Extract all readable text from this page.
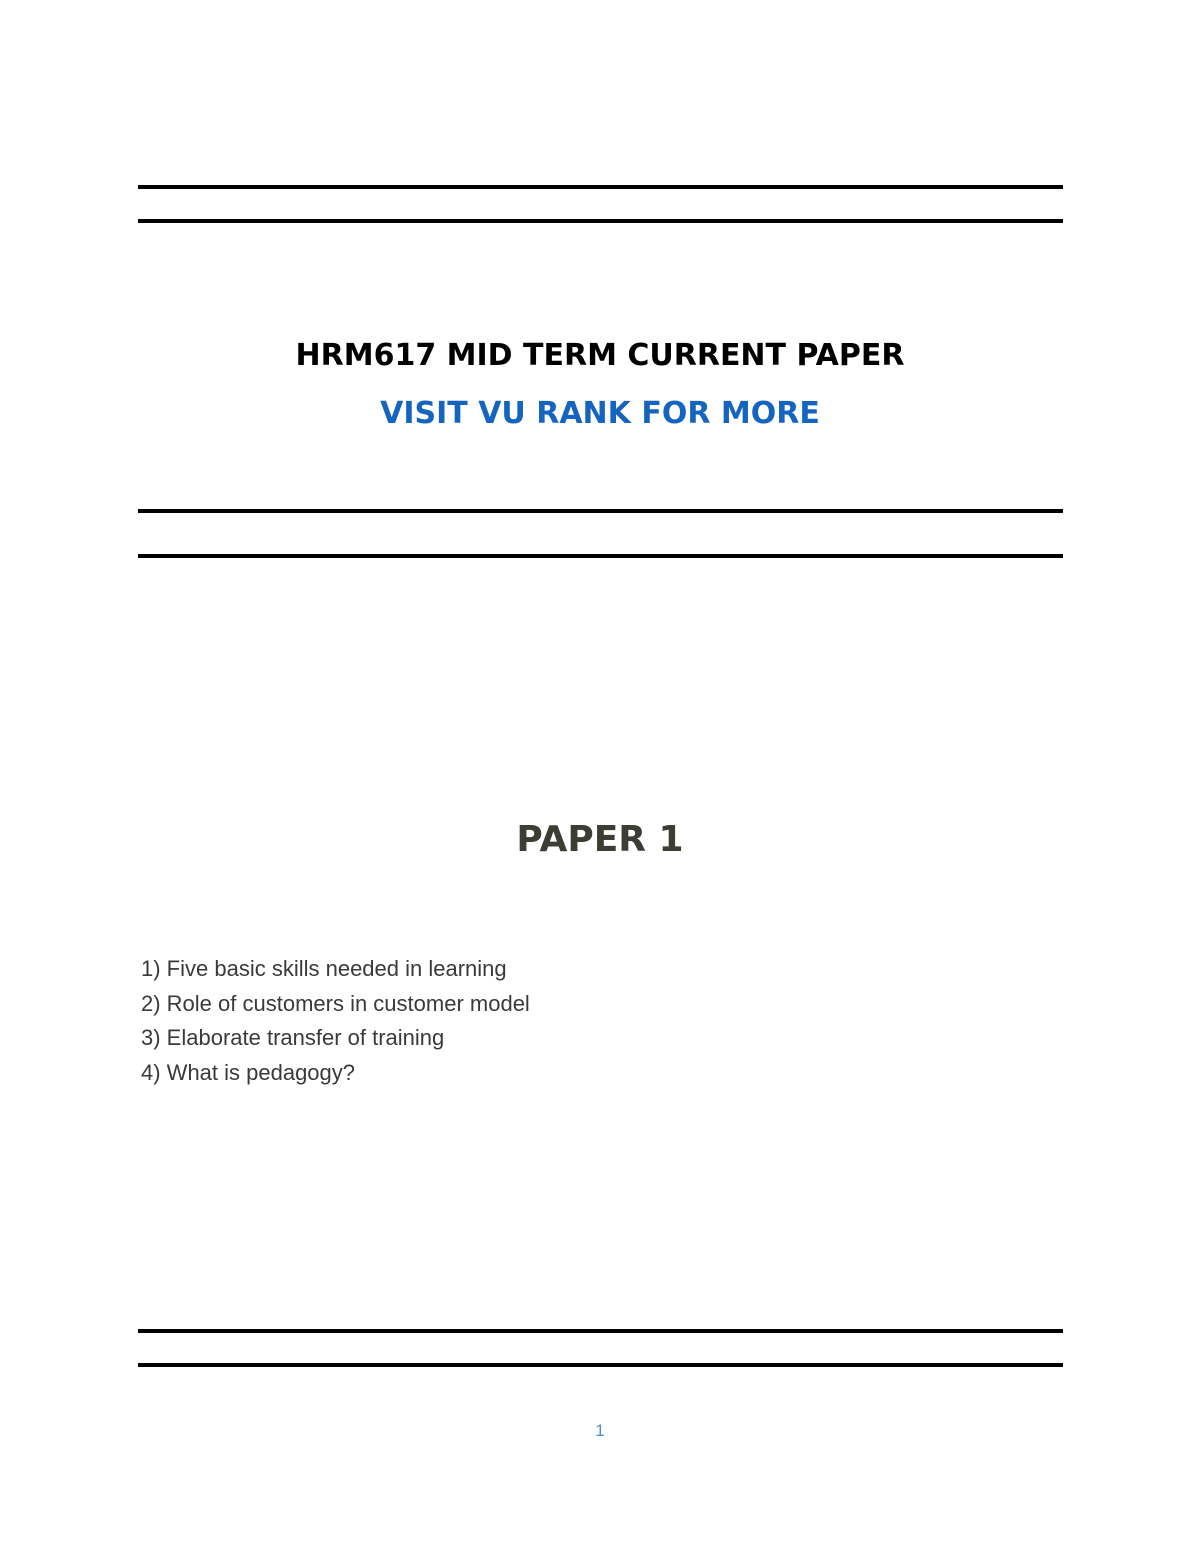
HRM617 MID TERM CURRENT PAPER
VISIT VU RANK FOR MORE
PAPER 1
1) Five basic skills needed in learning
2) Role of customers in customer model
3) Elaborate transfer of training
4) What is pedagogy?
1
